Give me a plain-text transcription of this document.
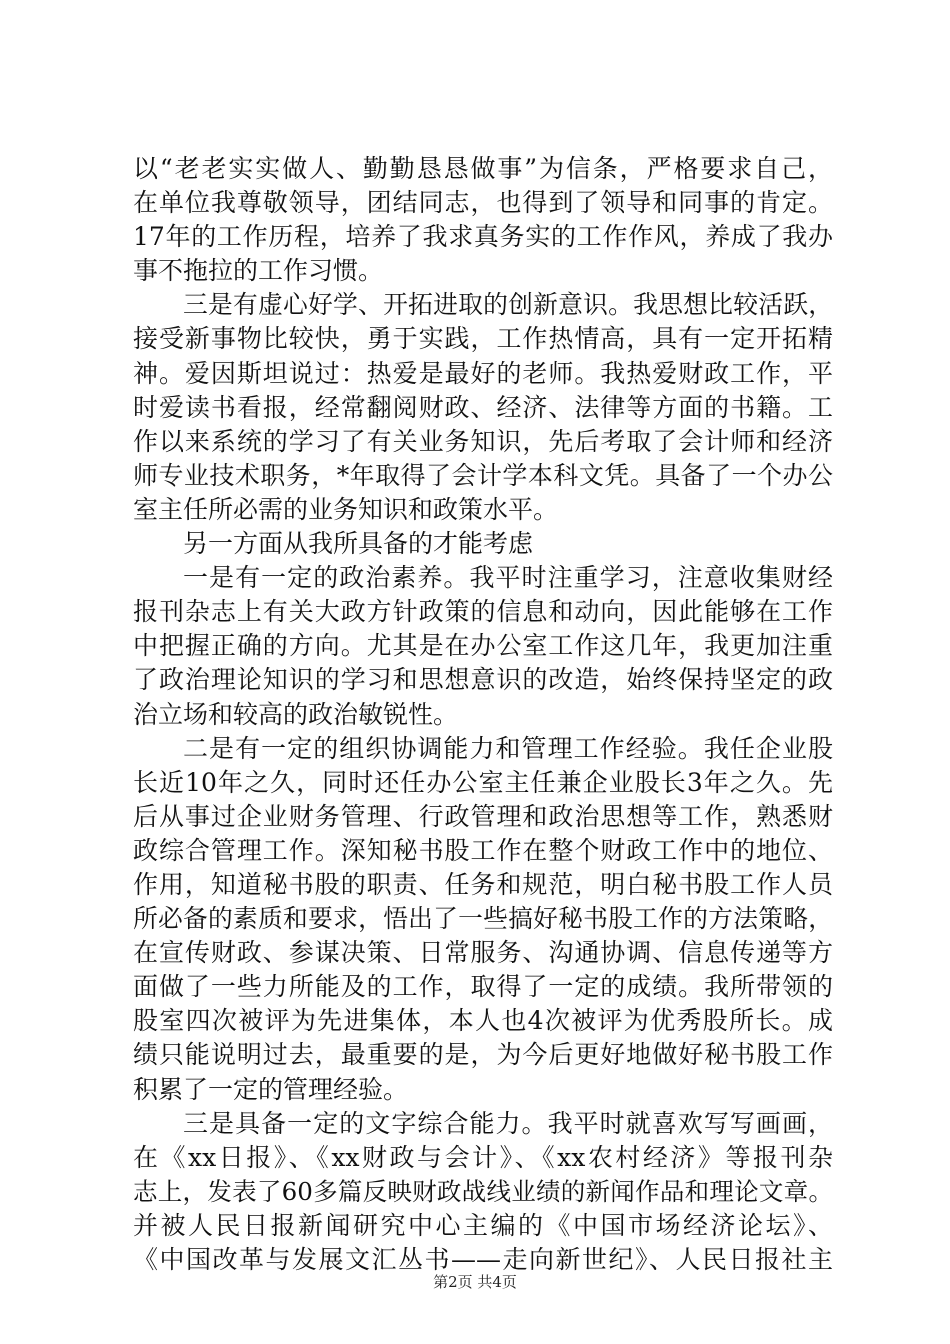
以“老老实实做人、勤勤恳恳做事”为信条，严格要求自己，
在单位我尊敬领导，团结同志，也得到了领导和同事的肯定。
17年的工作历程，培养了我求真务实的工作作风，养成了我办
事不拖拉的工作习惯。
三是有虚心好学、开拓进取的创新意识。我思想比较活跃，
接受新事物比较快，勇于实践，工作热情高，具有一定开拓精
神。爱因斯坦说过：热爱是最好的老师。我热爱财政工作，平
时爱读书看报，经常翻阅财政、经济、法律等方面的书籍。工
作以来系统的学习了有关业务知识，先后考取了会计师和经济
师专业技术职务，*年取得了会计学本科文凭。具备了一个办公
室主任所必需的业务知识和政策水平。
另一方面从我所具备的才能考虑
一是有一定的政治素养。我平时注重学习，注意收集财经
报刊杂志上有关大政方针政策的信息和动向，因此能够在工作
中把握正确的方向。尤其是在办公室工作这几年，我更加注重
了政治理论知识的学习和思想意识的改造，始终保持坚定的政
治立场和较高的政治敏锐性。
二是有一定的组织协调能力和管理工作经验。我任企业股
长近10年之久，同时还任办公室主任兼企业股长3年之久。先
后从事过企业财务管理、行政管理和政治思想等工作，熟悉财
政综合管理工作。深知秘书股工作在整个财政工作中的地位、
作用，知道秘书股的职责、任务和规范，明白秘书股工作人员
所必备的素质和要求，悟出了一些搞好秘书股工作的方法策略，
在宣传财政、参谋决策、日常服务、沟通协调、信息传递等方
面做了一些力所能及的工作，取得了一定的成绩。我所带领的
股室四次被评为先进集体，本人也4次被评为优秀股所长。成
绩只能说明过去，最重要的是，为今后更好地做好秘书股工作
积累了一定的管理经验。
三是具备一定的文字综合能力。我平时就喜欢写写画画，
在《xx日报》、《xx财政与会计》、《xx农村经济》等报刊杂
志上，发表了60多篇反映财政战线业绩的新闻作品和理论文章。
并被人民日报新闻研究中心主编的《中国市场经济论坛》、
《中国改革与发展文汇丛书——走向新世纪》、人民日报社主
第2页 共4页
